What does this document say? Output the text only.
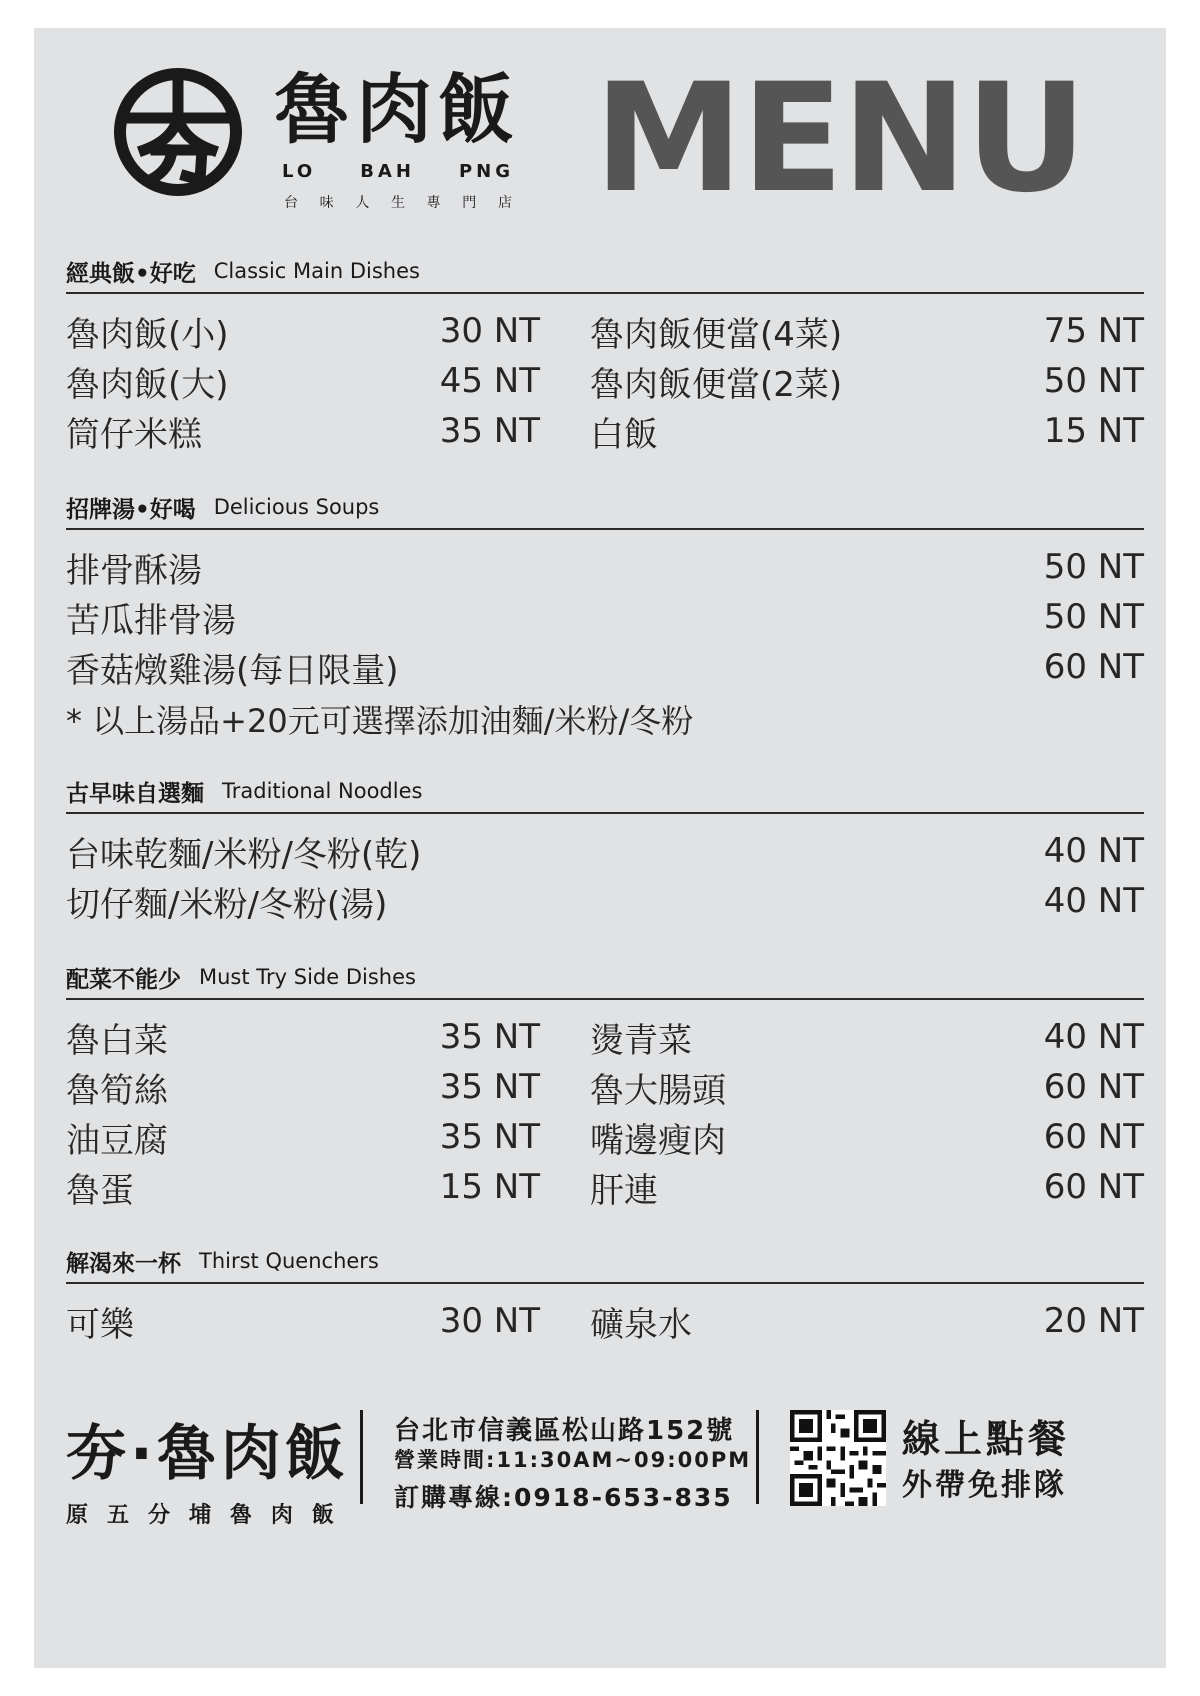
魯肉飯
LO BAH PNG
台 味 人 生 專 門 店 MENU
經典飯•好吃 Classic Main Dishes
魯肉飯(小)	30 NT	魯肉飯便當(4菜)	75 NT
魯肉飯(大)	45 NT	魯肉飯便當(2菜)	50 NT
筒仔米糕	35 NT	白飯	15 NT
招牌湯•好喝 Delicious Soups
排骨酥湯	50 NT
苦瓜排骨湯	50 NT
香菇燉雞湯(每日限量)	60 NT
* 以上湯品+20元可選擇添加油麵/米粉/冬粉
古早味自選麵 Traditional Noodles
台味乾麵/米粉/冬粉(乾)	40 NT
切仔麵/米粉/冬粉(湯)	40 NT
配菜不能少 Must Try Side Dishes
魯白菜	35 NT	燙青菜	40 NT
魯筍絲	35 NT	魯大腸頭	60 NT
油豆腐	35 NT	嘴邊瘦肉	60 NT
魯蛋	15 NT	肝連	60 NT
解渴來一杯 Thirst Quenchers
可樂	30 NT	礦泉水	20 NT
夯·魯肉飯
原 五 分 埔 魯 肉 飯
台北市信義區松山路152號
營業時間:11:30AM~09:00PM
訂購專線:0918-653-835
線上點餐
外帶免排隊
